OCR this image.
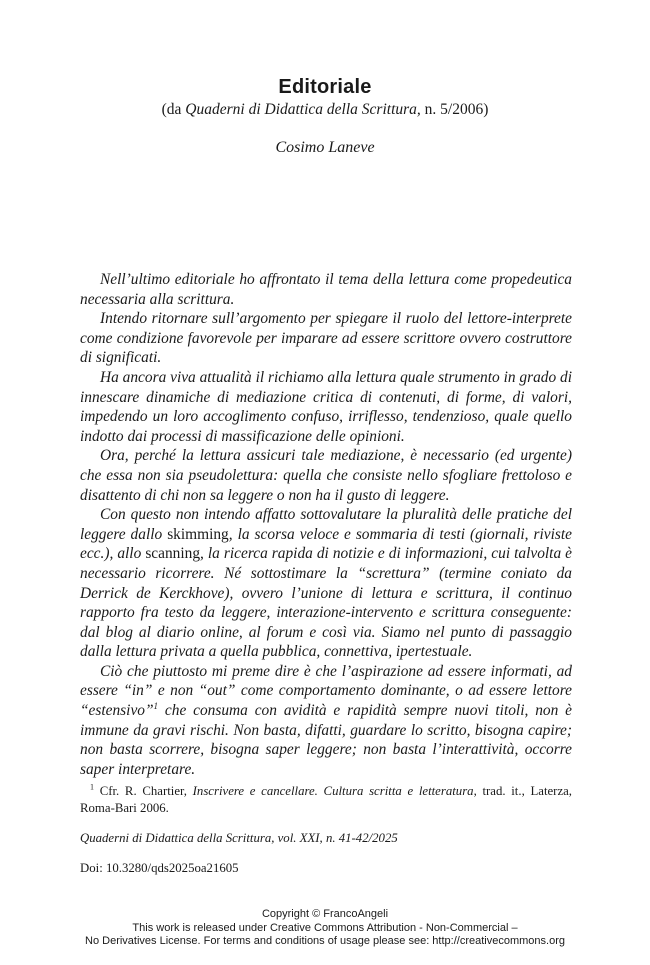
Editoriale
(da Quaderni di Didattica della Scrittura, n. 5/2006)
Cosimo Laneve

Nell’ultimo editoriale ho affrontato il tema della lettura come propedeutica necessaria alla scrittura.

Intendo ritornare sull’argomento per spiegare il ruolo del lettore-interprete come condizione favorevole per imparare ad essere scrittore ovvero costruttore di significati.

Ha ancora viva attualità il richiamo alla lettura quale strumento in grado di innescare dinamiche di mediazione critica di contenuti, di forme, di valori, impedendo un loro accoglimento confuso, irriflesso, tendenzioso, quale quello indotto dai processi di massificazione delle opinioni.

Ora, perché la lettura assicuri tale mediazione, è necessario (ed urgente) che essa non sia pseudolettura: quella che consiste nello sfogliare frettoloso e disattento di chi non sa leggere o non ha il gusto di leggere.

Con questo non intendo affatto sottovalutare la pluralità delle pratiche del leggere dallo skimming, la scorsa veloce e sommaria di testi (giornali, riviste ecc.), allo scanning, la ricerca rapida di notizie e di informazioni, cui talvolta è necessario ricorrere. Né sottostimare la “screttura” (termine coniato da Derrick de Kerckhove), ovvero l’unione di lettura e scrittura, il continuo rapporto fra testo da leggere, interazione-intervento e scrittura conseguente: dal blog al diario online, al forum e così via. Siamo nel punto di passaggio dalla lettura privata a quella pubblica, connettiva, ipertestuale.

Ciò che piuttosto mi preme dire è che l’aspirazione ad essere informati, ad essere “in” e non “out” come comportamento dominante, o ad essere lettore “estensivo”$^1$ che consuma con avidità e rapidità sempre nuovi titoli, non è immune da gravi rischi. Non basta, difatti, guardare lo scritto, bisogna capire; non basta scorrere, bisogna saper leggere; non basta l’interattività, occorre saper interpretare.

$^1$ Cfr. R. Chartier, Inscrivere e cancellare. Cultura scritta e letteratura, trad. it., Laterza, Roma-Bari 2006.

Quaderni di Didattica della Scrittura, vol. XXI, n. 41-42/2025
Doi: 10.3280/qds2025oa21605
Copyright © FrancoAngeli
This work is released under Creative Commons Attribution - Non-Commercial –
No Derivatives License. For terms and conditions of usage please see: http://creativecommons.org
